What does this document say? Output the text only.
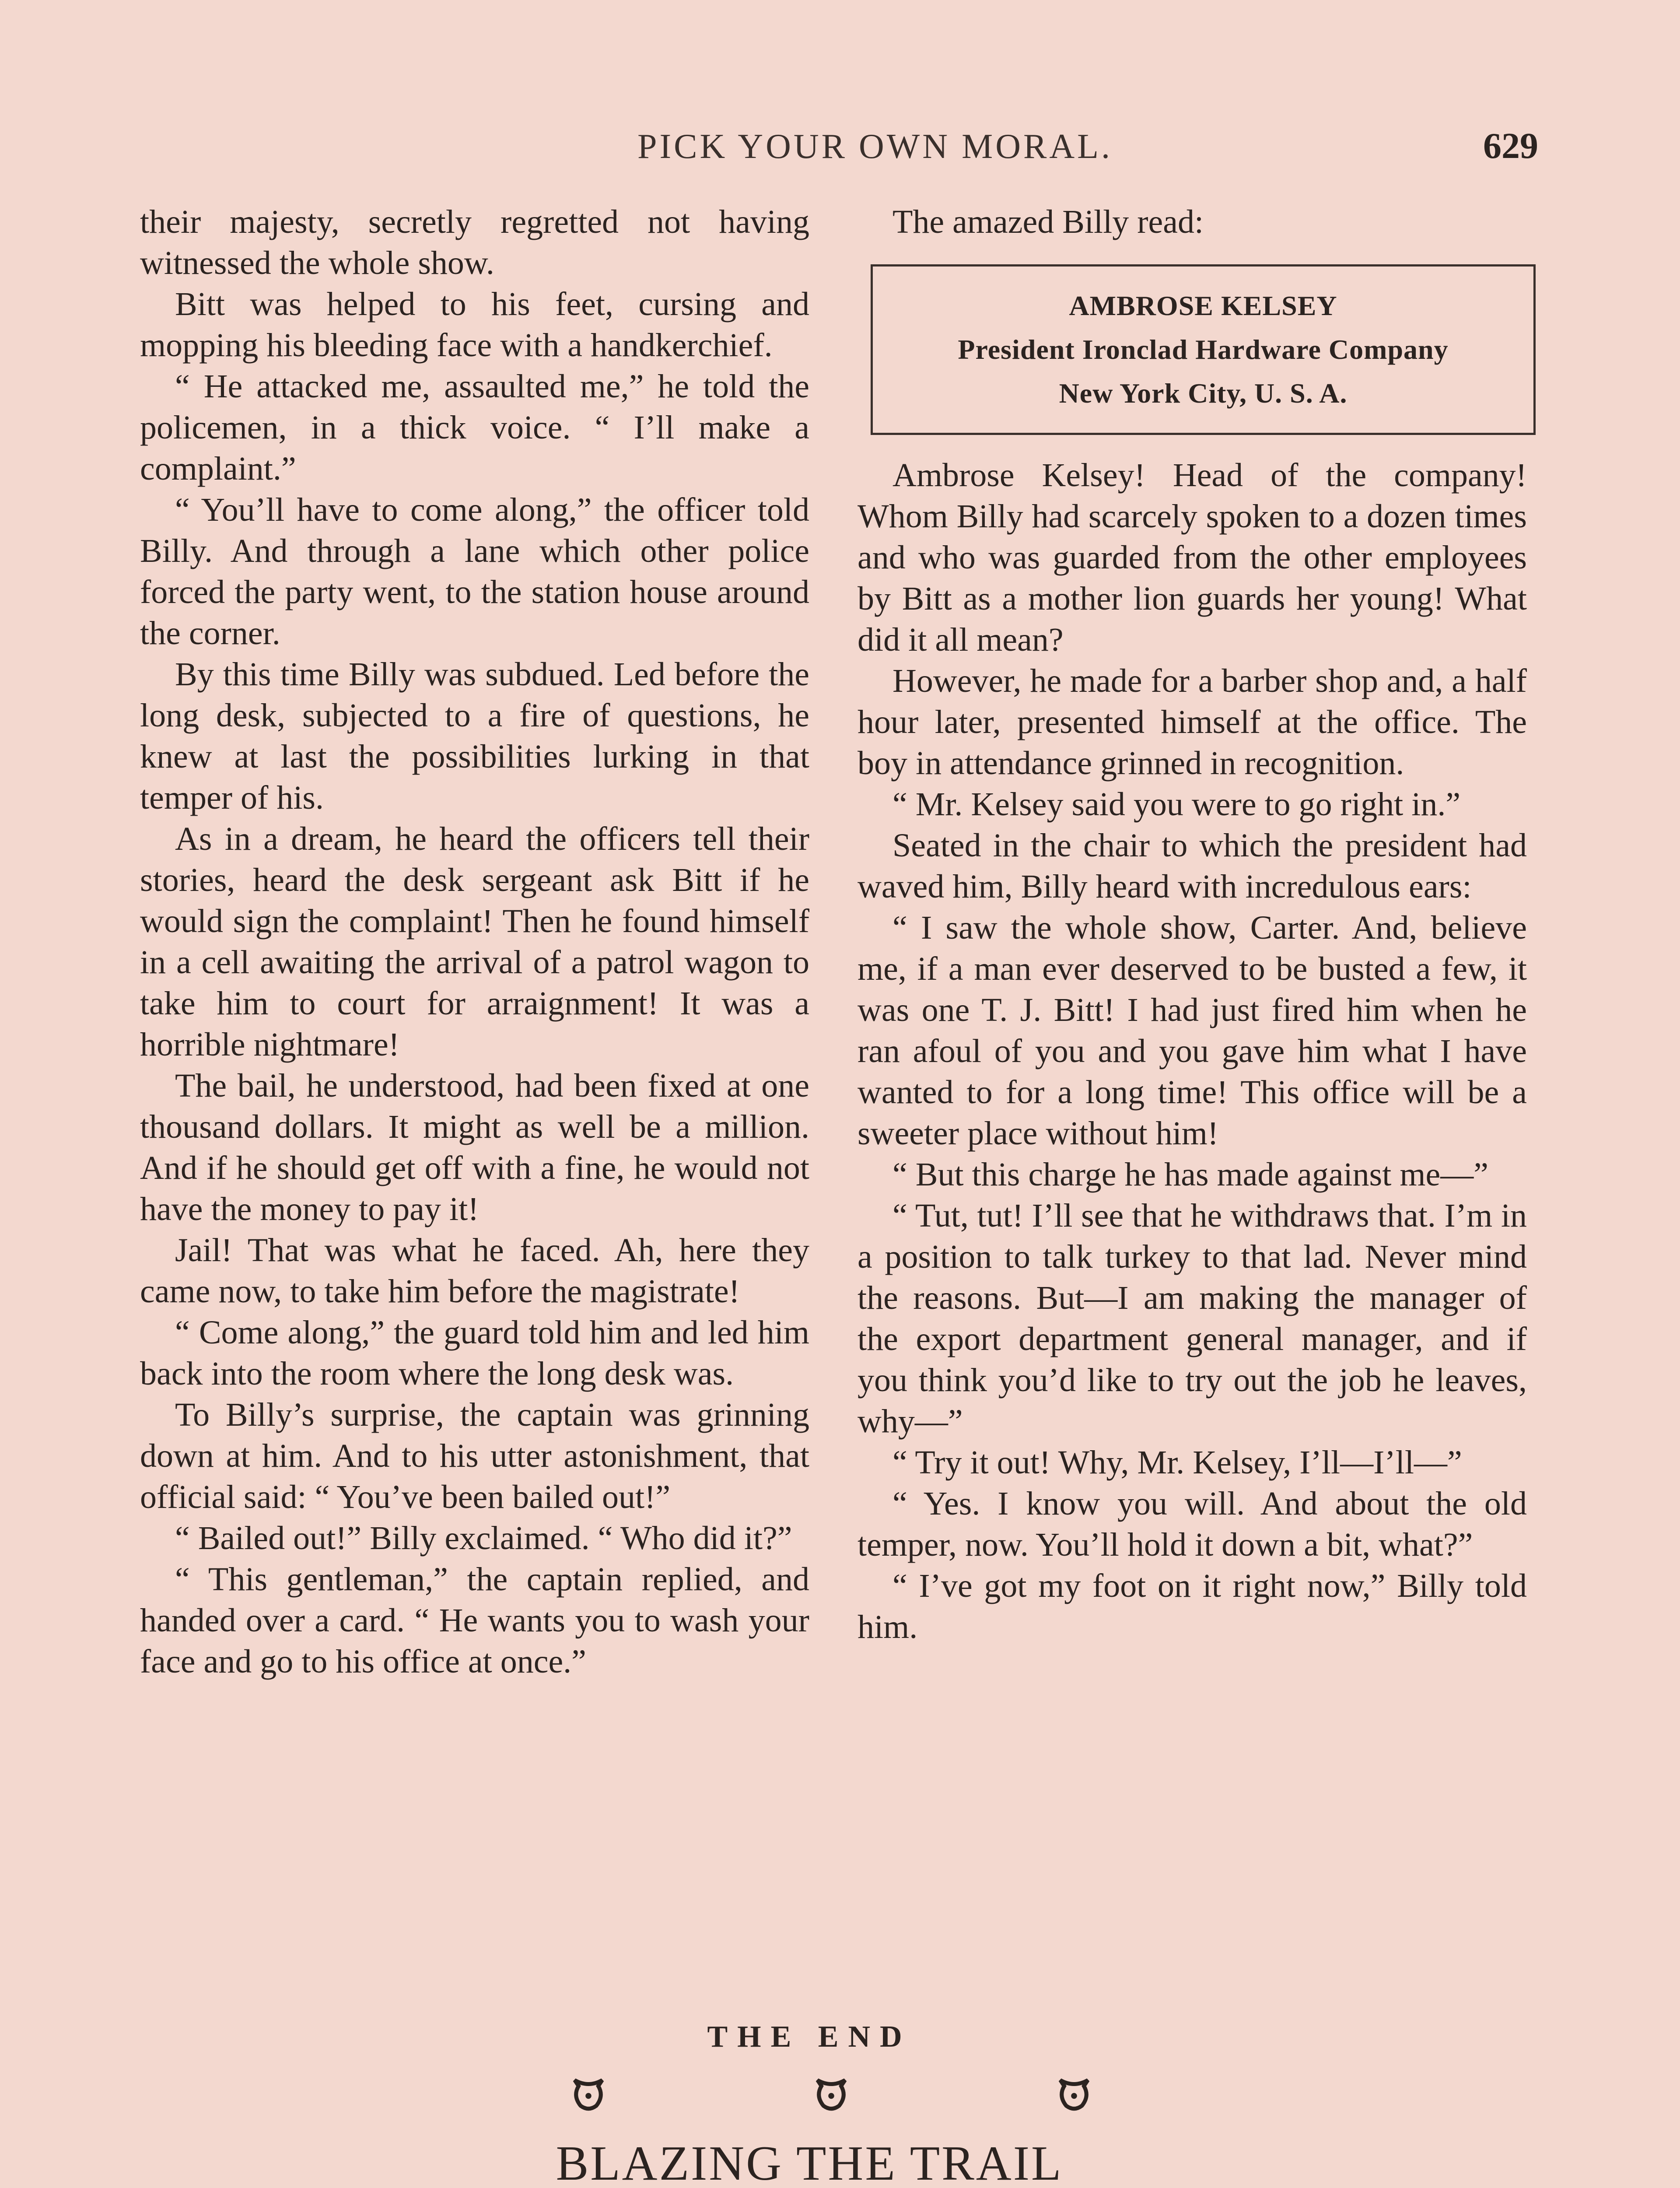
PICK YOUR OWN MORAL.	629

their majesty, secretly regretted not having witnessed the whole show.

Bitt was helped to his feet, cursing and mopping his bleeding face with a handkerchief.

“ He attacked me, assaulted me,” he told the policemen, in a thick voice. “ I’ll make a complaint.”

“ You’ll have to come along,” the officer told Billy. And through a lane which other police forced the party went, to the station house around the corner.

By this time Billy was subdued. Led before the long desk, subjected to a fire of questions, he knew at last the possibilities lurking in that temper of his.

As in a dream, he heard the officers tell their stories, heard the desk sergeant ask Bitt if he would sign the complaint! Then he found himself in a cell awaiting the arrival of a patrol wagon to take him to court for arraignment! It was a horrible nightmare!

The bail, he understood, had been fixed at one thousand dollars. It might as well be a million. And if he should get off with a fine, he would not have the money to pay it!

Jail! That was what he faced. Ah, here they came now, to take him before the magistrate!

“ Come along,” the guard told him and led him back into the room where the long desk was.

To Billy’s surprise, the captain was grinning down at him. And to his utter astonishment, that official said: “ You’ve been bailed out!”

“ Bailed out!” Billy exclaimed. “ Who did it?”

“ This gentleman,” the captain replied, and handed over a card. “ He wants you to wash your face and go to his office at once.”

The amazed Billy read:

AMBROSE KELSEY
President Ironclad Hardware Company
New York City, U. S. A.

Ambrose Kelsey! Head of the company! Whom Billy had scarcely spoken to a dozen times and who was guarded from the other employees by Bitt as a mother lion guards her young! What did it all mean?

However, he made for a barber shop and, a half hour later, presented himself at the office. The boy in attendance grinned in recognition.

“ Mr. Kelsey said you were to go right in.”

Seated in the chair to which the president had waved him, Billy heard with incredulous ears:

“ I saw the whole show, Carter. And, believe me, if a man ever deserved to be busted a few, it was one T. J. Bitt! I had just fired him when he ran afoul of you and you gave him what I have wanted to for a long time! This office will be a sweeter place without him!

“ But this charge he has made against me—”

“ Tut, tut! I’ll see that he withdraws that. I’m in a position to talk turkey to that lad. Never mind the reasons. But—I am making the manager of the export department general manager, and if you think you’d like to try out the job he leaves, why—”

“ Try it out! Why, Mr. Kelsey, I’ll—I’ll—”

“ Yes. I know you will. And about the old temper, now. You’ll hold it down a bit, what?”

“ I’ve got my foot on it right now,” Billy told him.

THE END
BLAZING THE TRAIL
